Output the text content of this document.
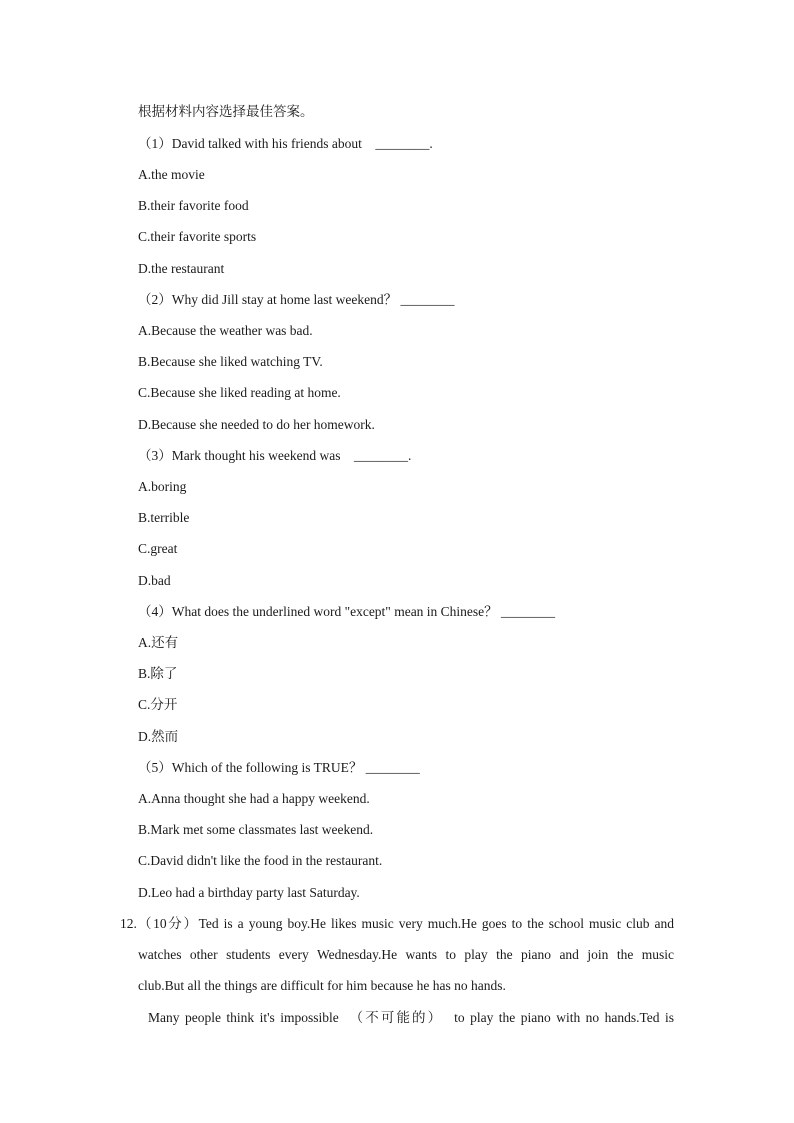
根据材料内容选择最佳答案。
（1）David talked with his friends about    ________.
A.the movie
B.their favorite food
C.their favorite sports
D.the restaurant
（2）Why did Jill stay at home last weekend？ ________
A.Because the weather was bad.
B.Because she liked watching TV.
C.Because she liked reading at home.
D.Because she needed to do her homework.
（3）Mark thought his weekend was    ________.
A.boring
B.terrible
C.great
D.bad
（4）What does the underlined word "except" mean in Chinese？ ________
A.还有
B.除了
C.分开
D.然而
（5）Which of the following is TRUE？ ________
A.Anna thought she had a happy weekend.
B.Mark met some classmates last weekend.
C.David didn't like the food in the restaurant.
D.Leo had a birthday party last Saturday.
12. （10分）Ted is a young boy.He likes music very much.He goes to the school music club and
watches other students every Wednesday.He wants to play the piano and join the music
club.But all the things are difficult for him because he has no hands.
Many people think it's impossible  （不可能的）  to play the piano with no hands.Ted is
